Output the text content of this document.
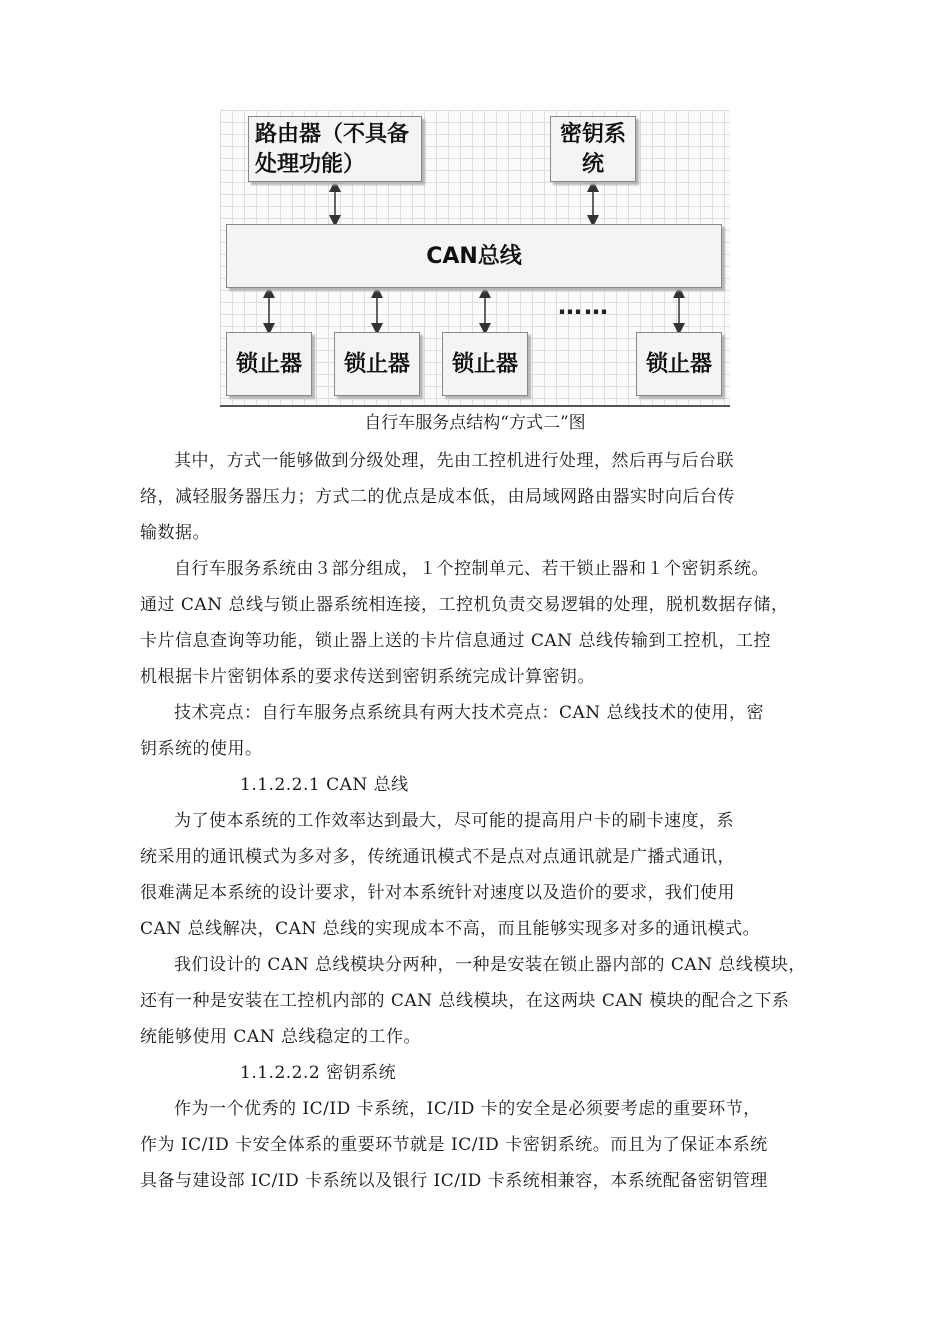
路由器（不具备处理功能）
密钥系统
CAN总线
锁止器	锁止器	锁止器	锁止器
……
自行车服务点结构“方式二”图

其中，方式一能够做到分级处理，先由工控机进行处理，然后再与后台联
络，减轻服务器压力；方式二的优点是成本低，由局域网路由器实时向后台传
输数据。

自行车服务系统由３部分组成，１个控制单元、若干锁止器和１个密钥系统。
通过 CAN 总线与锁止器系统相连接，工控机负责交易逻辑的处理，脱机数据存储，
卡片信息查询等功能，锁止器上送的卡片信息通过 CAN 总线传输到工控机，工控
机根据卡片密钥体系的要求传送到密钥系统完成计算密钥。

技术亮点：自行车服务点系统具有两大技术亮点：CAN 总线技术的使用，密
钥系统的使用。

1.1.2.2.1 CAN 总线

为了使本系统的工作效率达到最大，尽可能的提高用户卡的刷卡速度，系
统采用的通讯模式为多对多，传统通讯模式不是点对点通讯就是广播式通讯，
很难满足本系统的设计要求，针对本系统针对速度以及造价的要求，我们使用
CAN 总线解决，CAN 总线的实现成本不高，而且能够实现多对多的通讯模式。

我们设计的 CAN 总线模块分两种，一种是安装在锁止器内部的 CAN 总线模块，
还有一种是安装在工控机内部的 CAN 总线模块，在这两块 CAN 模块的配合之下系
统能够使用 CAN 总线稳定的工作。

1.1.2.2.2 密钥系统

作为一个优秀的 IC/ID 卡系统，IC/ID 卡的安全是必须要考虑的重要环节，
作为 IC/ID 卡安全体系的重要环节就是 IC/ID 卡密钥系统。而且为了保证本系统
具备与建设部 IC/ID 卡系统以及银行 IC/ID 卡系统相兼容，本系统配备密钥管理
